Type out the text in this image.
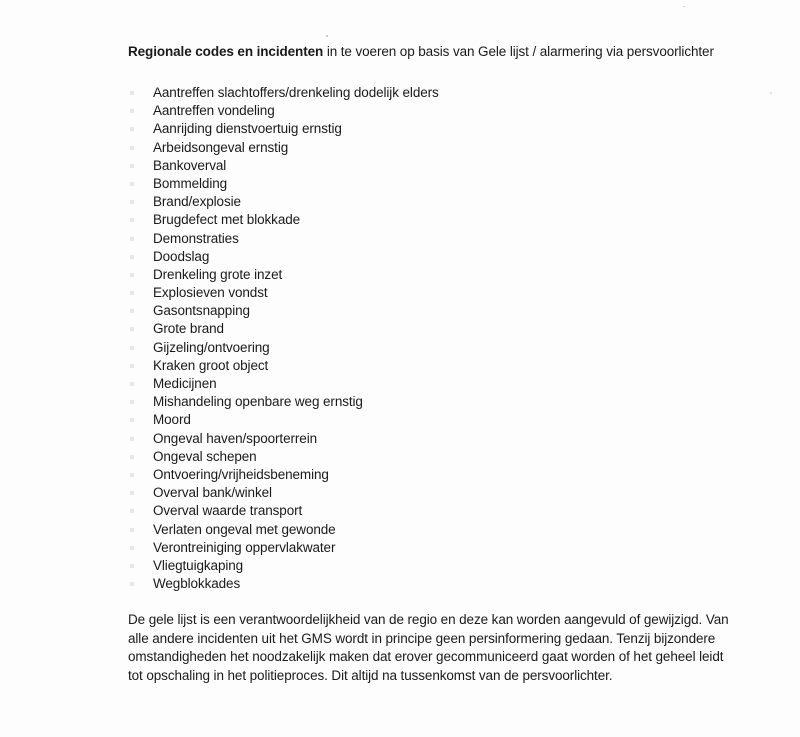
Regionale codes en incidenten in te voeren op basis van Gele lijst / alarmering via persvoorlichter
Aantreffen slachtoffers/drenkeling dodelijk elders
Aantreffen vondeling
Aanrijding dienstvoertuig ernstig
Arbeidsongeval ernstig
Bankoverval
Bommelding
Brand/explosie
Brugdefect met blokkade
Demonstraties
Doodslag
Drenkeling grote inzet
Explosieven vondst
Gasontsnapping
Grote brand
Gijzeling/ontvoering
Kraken groot object
Medicijnen
Mishandeling openbare weg ernstig
Moord
Ongeval haven/spoorterrein
Ongeval schepen
Ontvoering/vrijheidsbeneming
Overval bank/winkel
Overval waarde transport
Verlaten ongeval met gewonde
Verontreiniging oppervlakwater
Vliegtuigkaping
Wegblokkades

De gele lijst is een verantwoordelijkheid van de regio en deze kan worden aangevuld of gewijzigd. Van alle andere incidenten uit het GMS wordt in principe geen persinformering gedaan. Tenzij bijzondere omstandigheden het noodzakelijk maken dat erover gecommuniceerd gaat worden of het geheel leidt tot opschaling in het politieproces. Dit altijd na tussenkomst van de persvoorlichter.
